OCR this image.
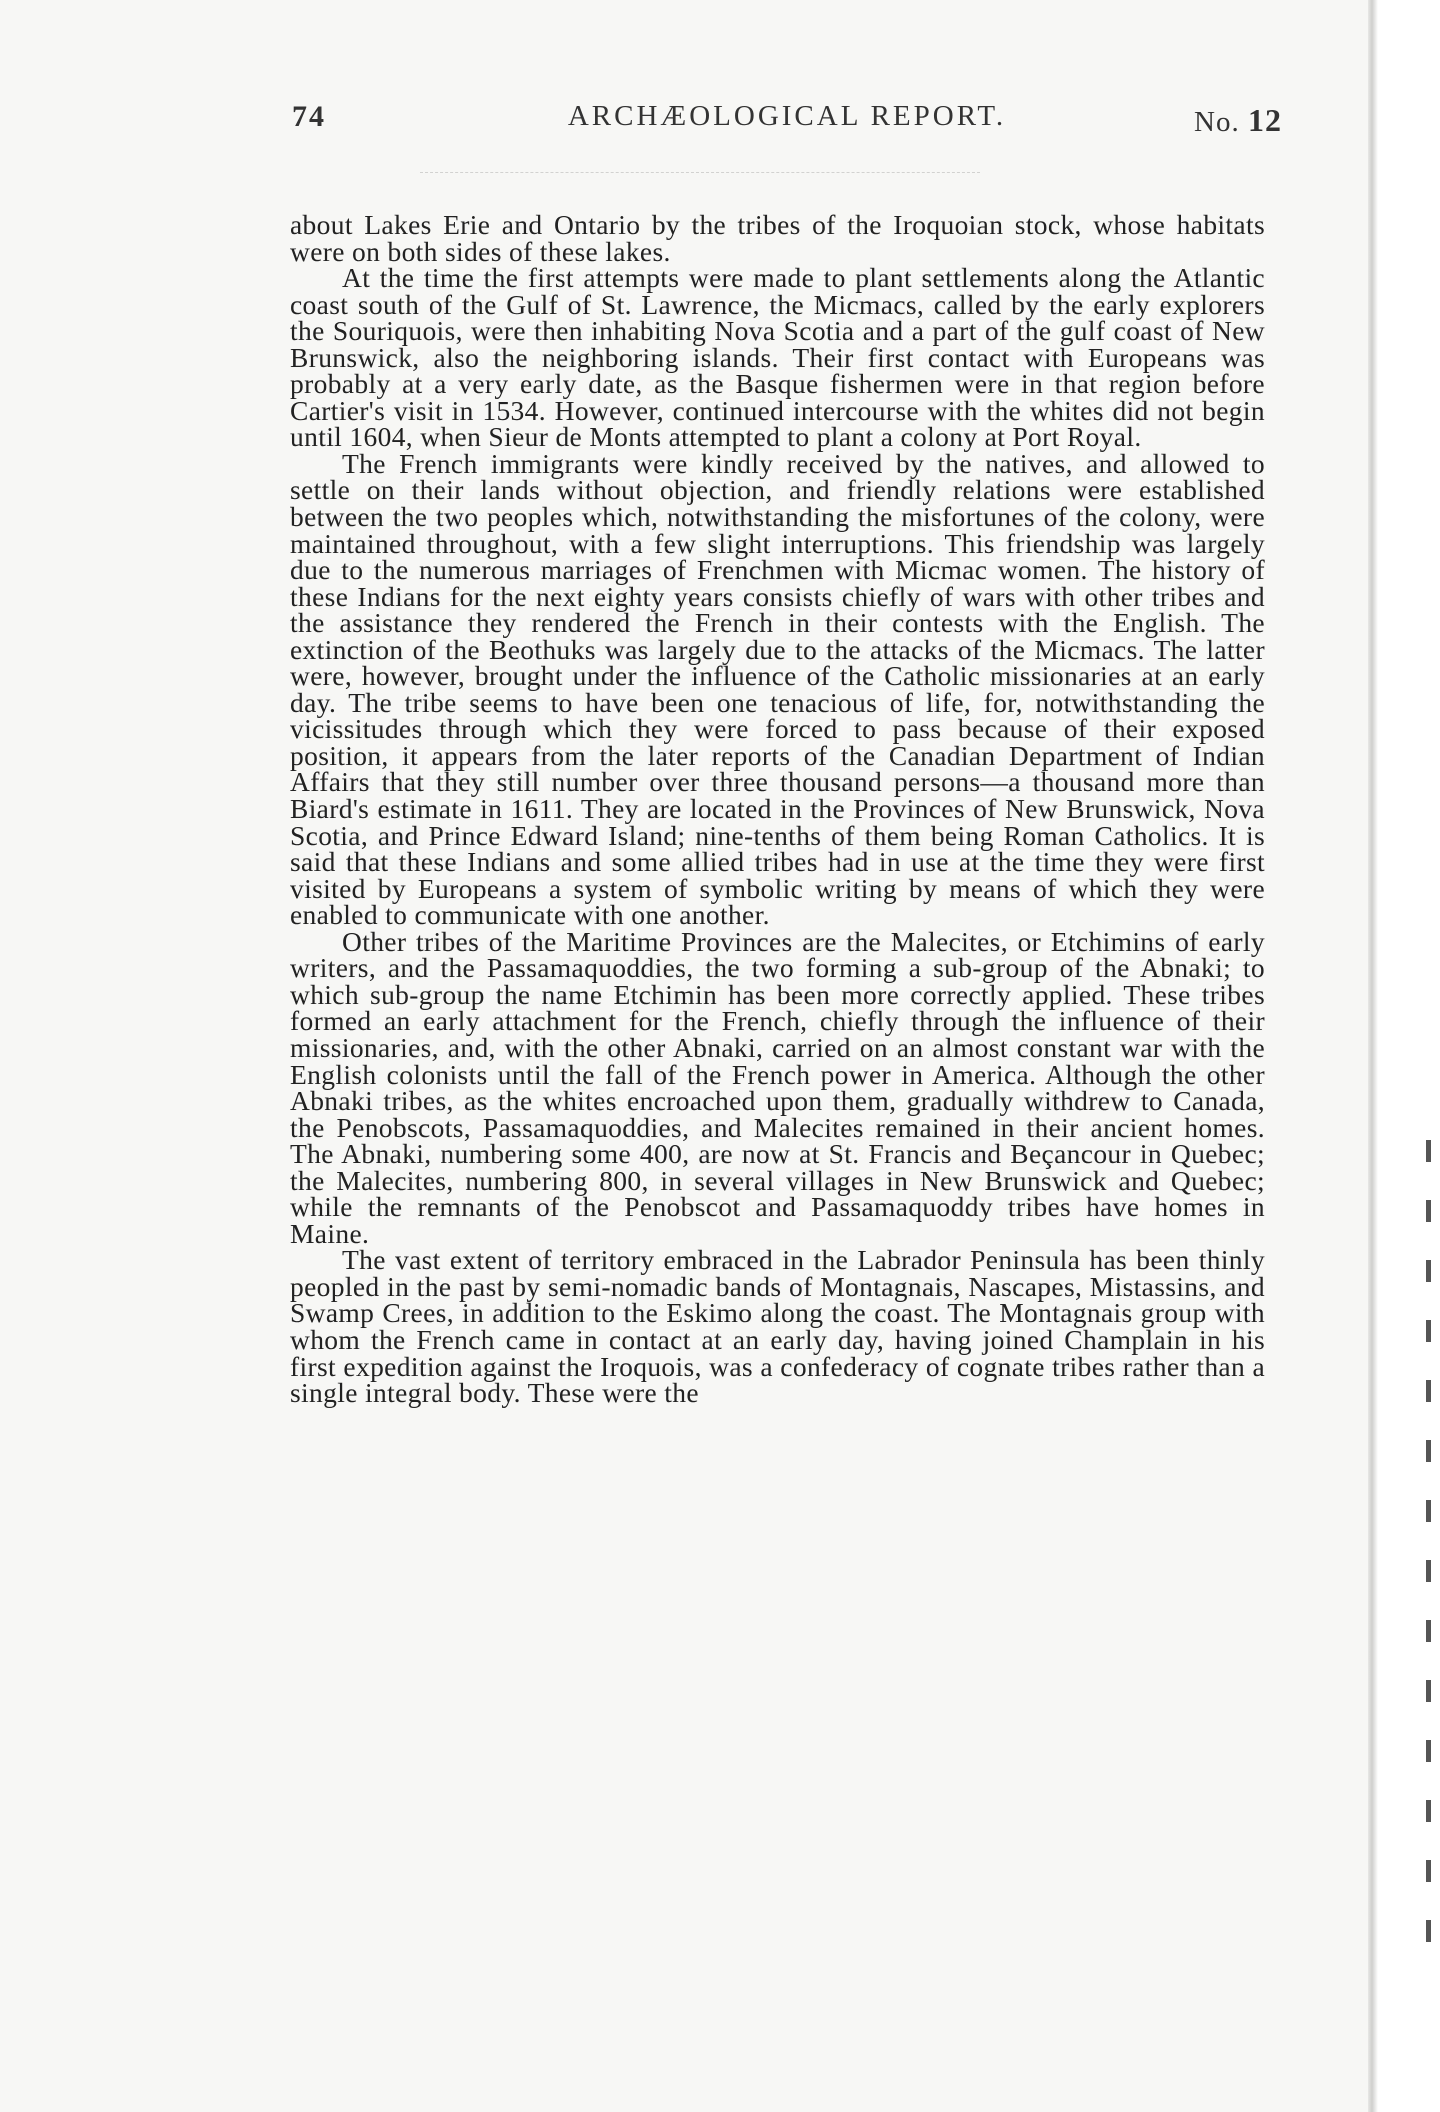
74	ARCHÆOLOGICAL REPORT.	No. 12

about Lakes Erie and Ontario by the tribes of the Iroquoian stock, whose habitats were on both sides of these lakes.

At the time the first attempts were made to plant settlements along the Atlantic coast south of the Gulf of St. Lawrence, the Micmacs, called by the early explorers the Souriquois, were then inhabiting Nova Scotia and a part of the gulf coast of New Brunswick, also the neighboring islands. Their first contact with Europeans was probably at a very early date, as the Basque fishermen were in that region before Cartier's visit in 1534. However, continued intercourse with the whites did not begin until 1604, when Sieur de Monts attempted to plant a colony at Port Royal.

The French immigrants were kindly received by the natives, and allowed to settle on their lands without objection, and friendly relations were established between the two peoples which, notwithstanding the misfortunes of the colony, were maintained throughout, with a few slight interruptions. This friendship was largely due to the numerous marriages of Frenchmen with Micmac women. The history of these Indians for the next eighty years consists chiefly of wars with other tribes and the assistance they rendered the French in their contests with the English. The extinction of the Beothuks was largely due to the attacks of the Micmacs. The latter were, however, brought under the influence of the Catholic missionaries at an early day. The tribe seems to have been one tenacious of life, for, notwithstanding the vicissitudes through which they were forced to pass because of their exposed position, it appears from the later reports of the Canadian Department of Indian Affairs that they still number over three thousand persons—a thousand more than Biard's estimate in 1611. They are located in the Provinces of New Brunswick, Nova Scotia, and Prince Edward Island; nine-tenths of them being Roman Catholics. It is said that these Indians and some allied tribes had in use at the time they were first visited by Europeans a system of symbolic writing by means of which they were enabled to communicate with one another.

Other tribes of the Maritime Provinces are the Malecites, or Etchimins of early writers, and the Passamaquoddies, the two forming a sub-group of the Abnaki; to which sub-group the name Etchimin has been more correctly applied. These tribes formed an early attachment for the French, chiefly through the influence of their missionaries, and, with the other Abnaki, carried on an almost constant war with the English colonists until the fall of the French power in America. Although the other Abnaki tribes, as the whites encroached upon them, gradually withdrew to Canada, the Penobscots, Passamaquoddies, and Malecites remained in their ancient homes. The Abnaki, numbering some 400, are now at St. Francis and Beçancour in Quebec; the Malecites, numbering 800, in several villages in New Brunswick and Quebec; while the remnants of the Penobscot and Passamaquoddy tribes have homes in Maine.

The vast extent of territory embraced in the Labrador Peninsula has been thinly peopled in the past by semi-nomadic bands of Montagnais, Nascapes, Mistassins, and Swamp Crees, in addition to the Eskimo along the coast. The Montagnais group with whom the French came in contact at an early day, having joined Champlain in his first expedition against the Iroquois, was a confederacy of cognate tribes rather than a single integral body. These were the
